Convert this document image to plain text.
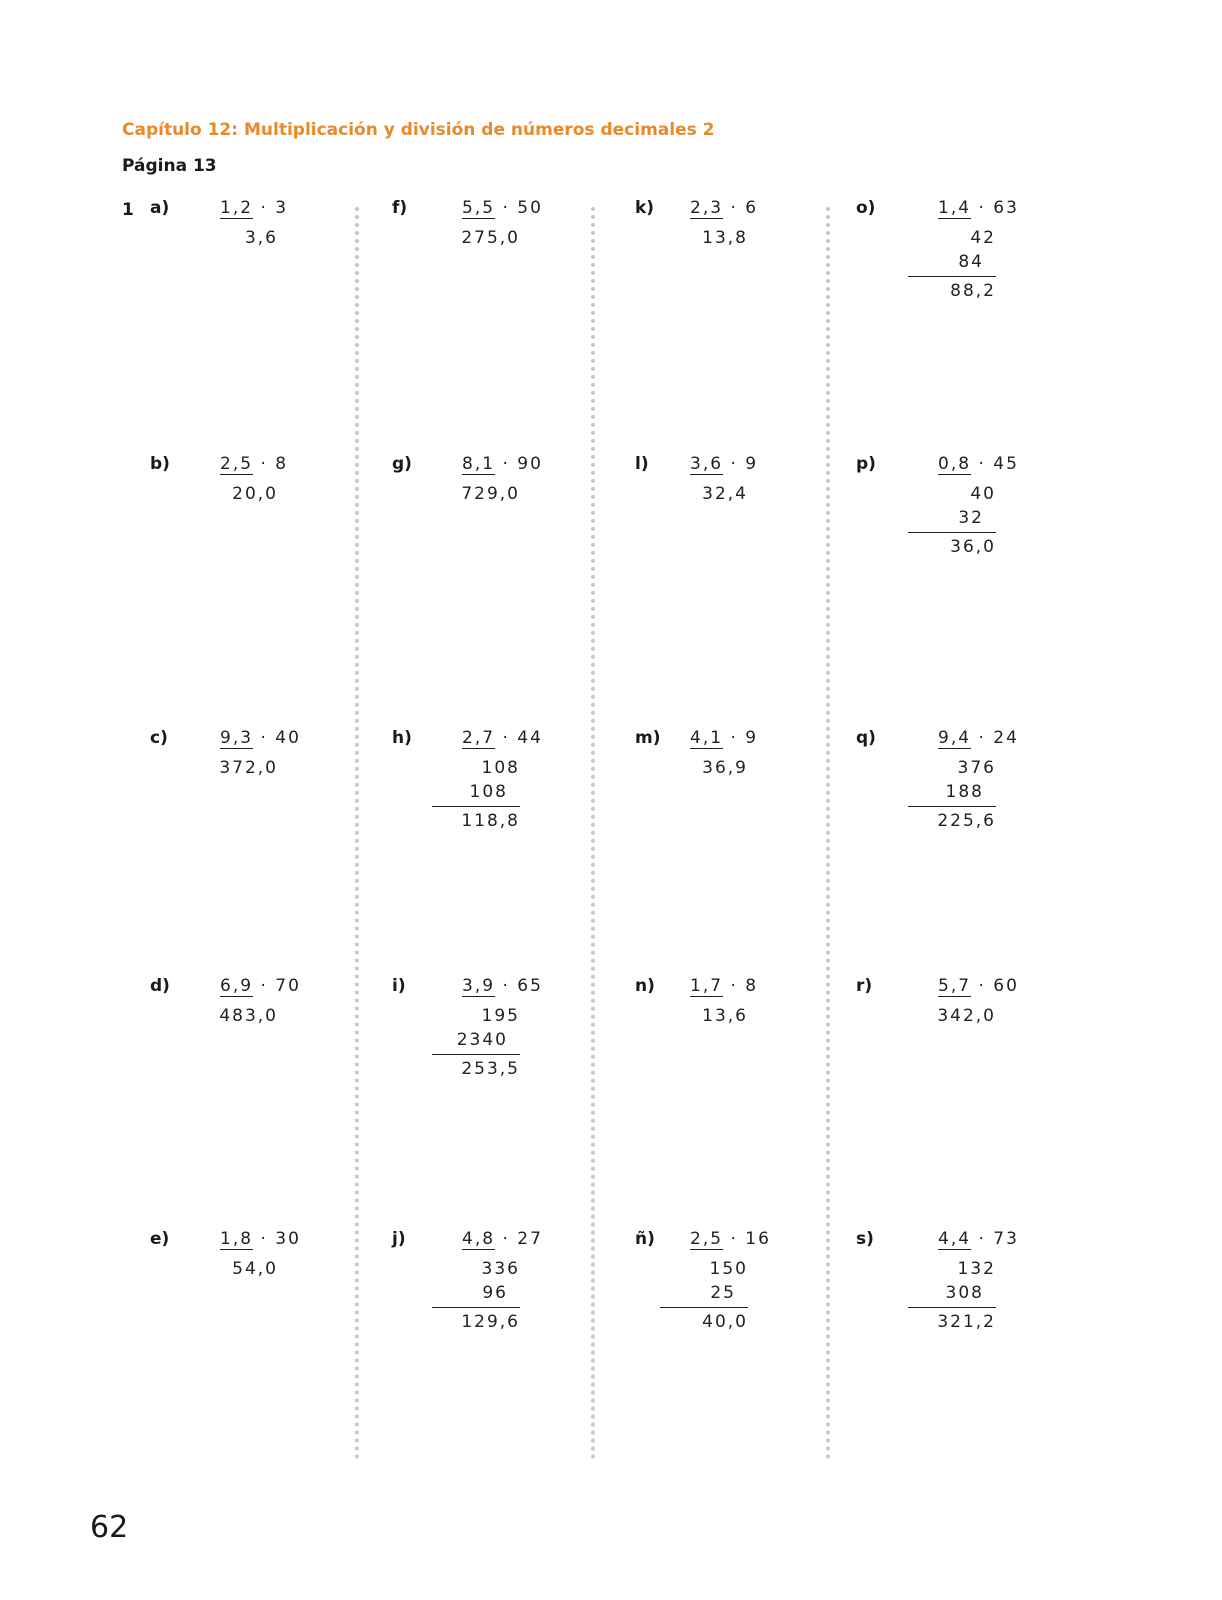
Capítulo 12: Multiplicación y división de números decimales 2
Página 13
1 a)	1,2 · 3
3,6
b)	2,5 · 8
20,0
c)	9,3 · 40
372,0
d)	6,9 · 70
483,0
e)	1,8 · 30
54,0
f)	5,5 · 50
275,0
g)	8,1 · 90
729,0
h)	2,7 · 44
108
108
118,8
i)	3,9 · 65
195
2340
253,5
j)	4,8 · 27
336
96
129,6
k)	2,3 · 6
13,8
l)	3,6 · 9
32,4
m)	4,1 · 9
36,9
n)	1,7 · 8
13,6
ñ)	2,5 · 16
150
25
40,0
o)	1,4 · 63
42
84
88,2
p)	0,8 · 45
40
32
36,0
q)	9,4 · 24
376
188
225,6
r)	5,7 · 60
342,0
s)	4,4 · 73
132
308
321,2
62
